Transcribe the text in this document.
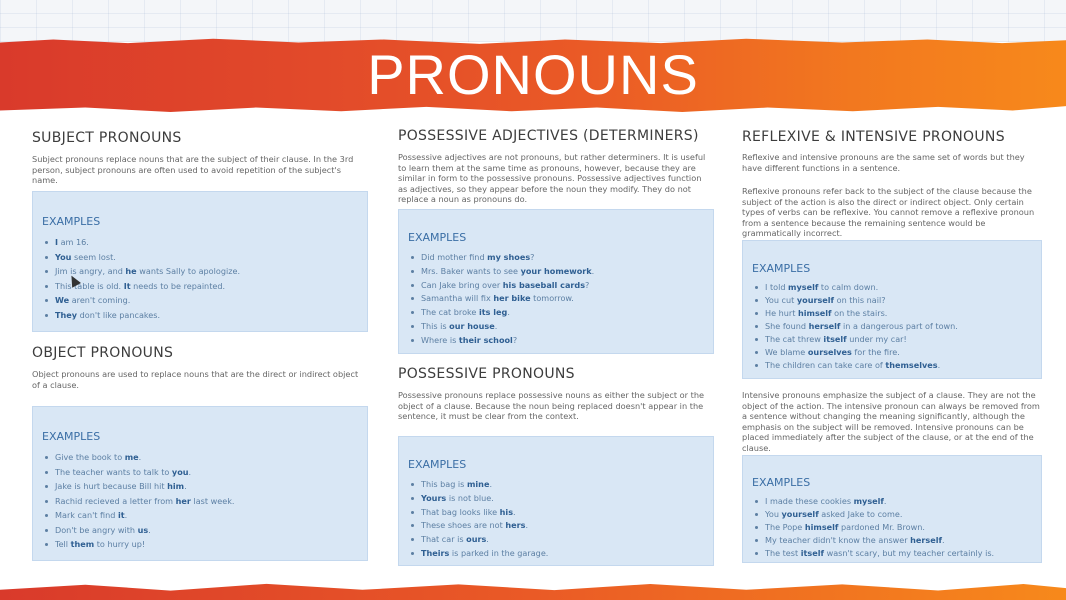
PRONOUNS
SUBJECT PRONOUNS

Subject pronouns replace nouns that are the subject of their clause. In the 3rd person, subject pronouns are often used to avoid repetition of the subject's name.

EXAMPLES
I am 16.
You seem lost.
Jim is angry, and he wants Sally to apologize.
This table is old. It needs to be repainted.
We aren't coming.
They don't like pancakes.
OBJECT PRONOUNS

Object pronouns are used to replace nouns that are the direct or indirect object of a clause.

EXAMPLES
Give the book to me.
The teacher wants to talk to you.
Jake is hurt because Bill hit him.
Rachid recieved a letter from her last week.
Mark can't find it.
Don't be angry with us.
Tell them to hurry up!
POSSESSIVE ADJECTIVES (DETERMINERS)

Possessive adjectives are not pronouns, but rather determiners. It is useful to learn them at the same time as pronouns, however, because they are similar in form to the possessive pronouns. Possessive adjectives function as adjectives, so they appear before the noun they modify. They do not replace a noun as pronouns do.

EXAMPLES
Did mother find my shoes?
Mrs. Baker wants to see your homework.
Can Jake bring over his baseball cards?
Samantha will fix her bike tomorrow.
The cat broke its leg.
This is our house.
Where is their school?
POSSESSIVE PRONOUNS

Possessive pronouns replace possessive nouns as either the subject or the object of a clause. Because the noun being replaced doesn't appear in the sentence, it must be clear from the context.

EXAMPLES
This bag is mine.
Yours is not blue.
That bag looks like his.
These shoes are not hers.
That car is ours.
Theirs is parked in the garage.
REFLEXIVE & INTENSIVE PRONOUNS

Reflexive and intensive pronouns are the same set of words but they have different functions in a sentence.

Reflexive pronouns refer back to the subject of the clause because the subject of the action is also the direct or indirect object. Only certain types of verbs can be reflexive. You cannot remove a reflexive pronoun from a sentence because the remaining sentence would be grammatically incorrect.

EXAMPLES
I told myself to calm down.
You cut yourself on this nail?
He hurt himself on the stairs.
She found herself in a dangerous part of town.
The cat threw itself under my car!
We blame ourselves for the fire.
The children can take care of themselves.

Intensive pronouns emphasize the subject of a clause. They are not the object of the action. The intensive pronoun can always be removed from a sentence without changing the meaning significantly, although the emphasis on the subject will be removed. Intensive pronouns can be placed immediately after the subject of the clause, or at the end of the clause.

EXAMPLES
I made these cookies myself.
You yourself asked Jake to come.
The Pope himself pardoned Mr. Brown.
My teacher didn't know the answer herself.
The test itself wasn't scary, but my teacher certainly is.
